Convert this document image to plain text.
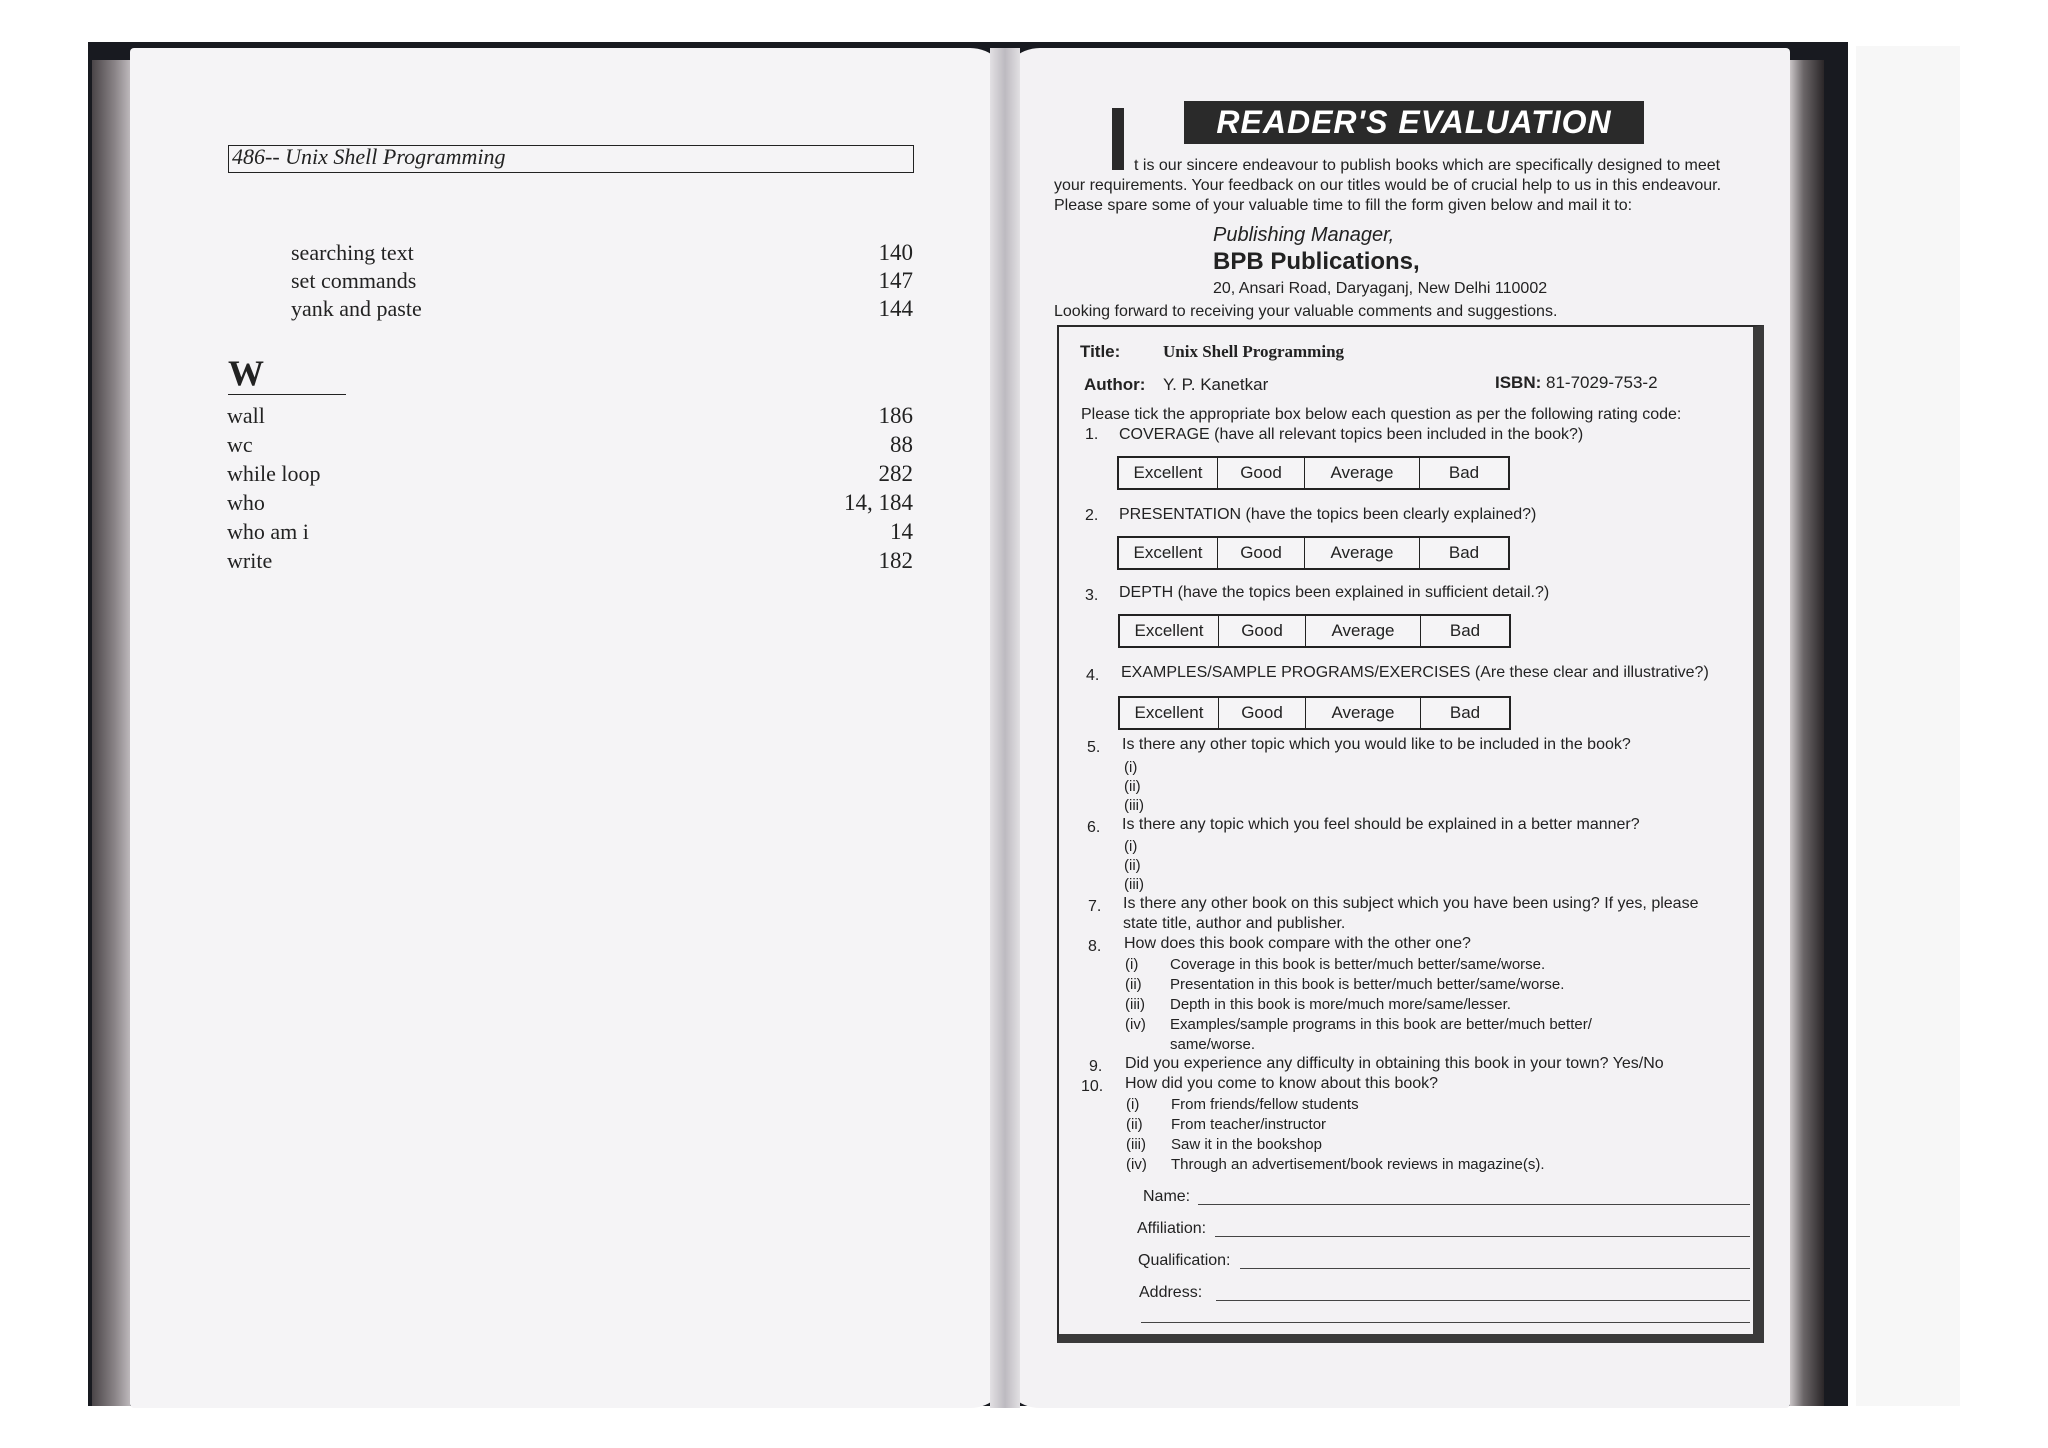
486-- Unix Shell Programming
searching text	140
set commands	147
yank and paste	144
W
wall	186
wc	88
while loop	282
who	14, 184
who am i	14
write	182
READER'S EVALUATION
t is our sincere endeavour to publish books which are specifically designed to meet
your requirements. Your feedback on our titles would be of crucial help to us in this endeavour.
Please spare some of your valuable time to fill the form given below and mail it to:
Publishing Manager,
BPB Publications,
20, Ansari Road, Daryaganj, New Delhi 110002
Looking forward to receiving your valuable comments and suggestions.
Title:	Unix Shell Programming
Author: Y. P. Kanetkar	ISBN: 81-7029-753-2
Please tick the appropriate box below each question as per the following rating code:
1. COVERAGE (have all relevant topics been included in the book?)
Excellent	Good	Average	Bad
2. PRESENTATION (have the topics been clearly explained?)
Excellent	Good	Average	Bad
3. DEPTH (have the topics been explained in sufficient detail.?)
Excellent	Good	Average	Bad
4. EXAMPLES/SAMPLE PROGRAMS/EXERCISES (Are these clear and illustrative?)
Excellent	Good	Average	Bad
5. Is there any other topic which you would like to be included in the book?
(i)
(ii)
(iii)
6. Is there any topic which you feel should be explained in a better manner?
(i)
(ii)
(iii)
7. Is there any other book on this subject which you have been using? If yes, please
state title, author and publisher.
8. How does this book compare with the other one?
(i) Coverage in this book is better/much better/same/worse.
(ii) Presentation in this book is better/much better/same/worse.
(iii) Depth in this book is more/much more/same/lesser.
(iv) Examples/sample programs in this book are better/much better/
same/worse.
9. Did you experience any difficulty in obtaining this book in your town? Yes/No
10. How did you come to know about this book?
(i) From friends/fellow students
(ii) From teacher/instructor
(iii) Saw it in the bookshop
(iv) Through an advertisement/book reviews in magazine(s).
Name:
Affiliation:
Qualification:
Address:
